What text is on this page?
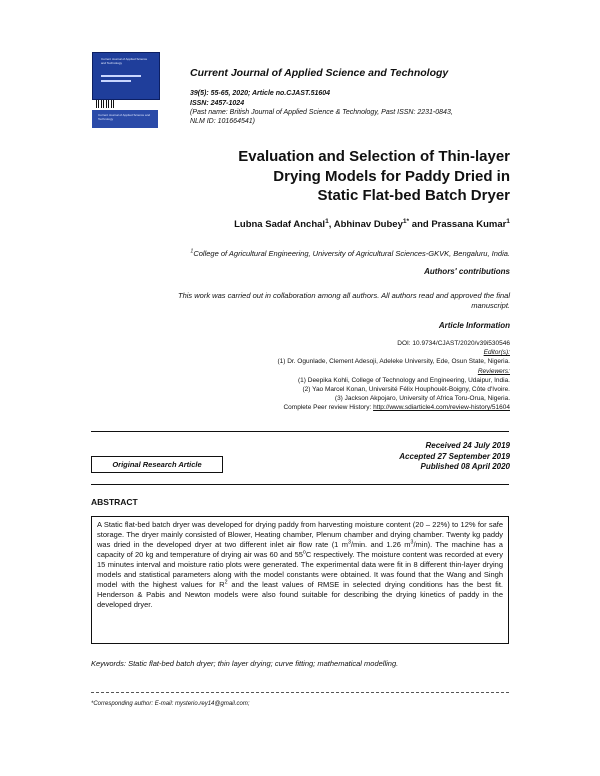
Current Journal of Applied Science and Technology
Current Journal of Applied Science and Technology
Current Journal of Applied Science and Technology
39(5): 55-65, 2020; Article no.CJAST.51604
ISSN: 2457-1024
(Past name: British Journal of Applied Science & Technology, Past ISSN: 2231-0843,
NLM ID: 101664541)
Evaluation and Selection of Thin-layer
Drying Models for Paddy Dried in
Static Flat-bed Batch Dryer
Lubna Sadaf Anchal$^1$, Abhinav Dubey$^{1*}$ and Prassana Kumar$^1$
$^1$College of Agricultural Engineering, University of Agricultural Sciences-GKVK, Bengaluru, India.
Authors' contributions
This work was carried out in collaboration among all authors. All authors read and approved the final
manuscript.
Article Information
DOI: 10.9734/CJAST/2020/v39i530546
Editor(s):
(1) Dr. Ogunlade, Clement Adesoji, Adeleke University, Ede, Osun State, Nigeria.
Reviewers:
(1) Deepika Kohli, College of Technology and Engineering, Udaipur, India.
(2) Yao Marcel Konan, Université Félix Houphouët-Boigny, Côte d'Ivoire.
(3) Jackson Akpojaro, University of Africa Toru-Orua, Nigeria.
Complete Peer review History: http://www.sdiarticle4.com/review-history/51604
Received 24 July 2019
Accepted 27 September 2019
Published 08 April 2020
Original Research Article
ABSTRACT
A Static flat-bed batch dryer was developed for drying paddy from harvesting moisture content (20 – 22%) to 12% for safe storage. The dryer mainly consisted of Blower, Heating chamber, Plenum chamber and drying chamber. Twenty kg paddy was dried in the developed dryer at two different inlet air flow rate (1 $m^3/\min$. and 1.26 $m^3/\min$). The machine has a capacity of 20 kg and temperature of drying air was 60 and 55$^o$C respectively. The moisture content was recorded at every 15 minutes interval and moisture ratio plots were generated. The experimental data were fit in 8 different thin-layer drying models and statistical parameters along with the model constants were obtained. It was found that the Wang and Singh model with the highest values for $R^2$ and the least values of RMSE in selected drying conditions has the best fit. Henderson & Pabis and Newton models were also found suitable for describing the drying kinetics of paddy in the developed dryer.
Keywords: Static flat-bed batch dryer; thin layer drying; curve fitting; mathematical modelling.
*Corresponding author: E-mail: mysterio.rey14@gmail.com;
